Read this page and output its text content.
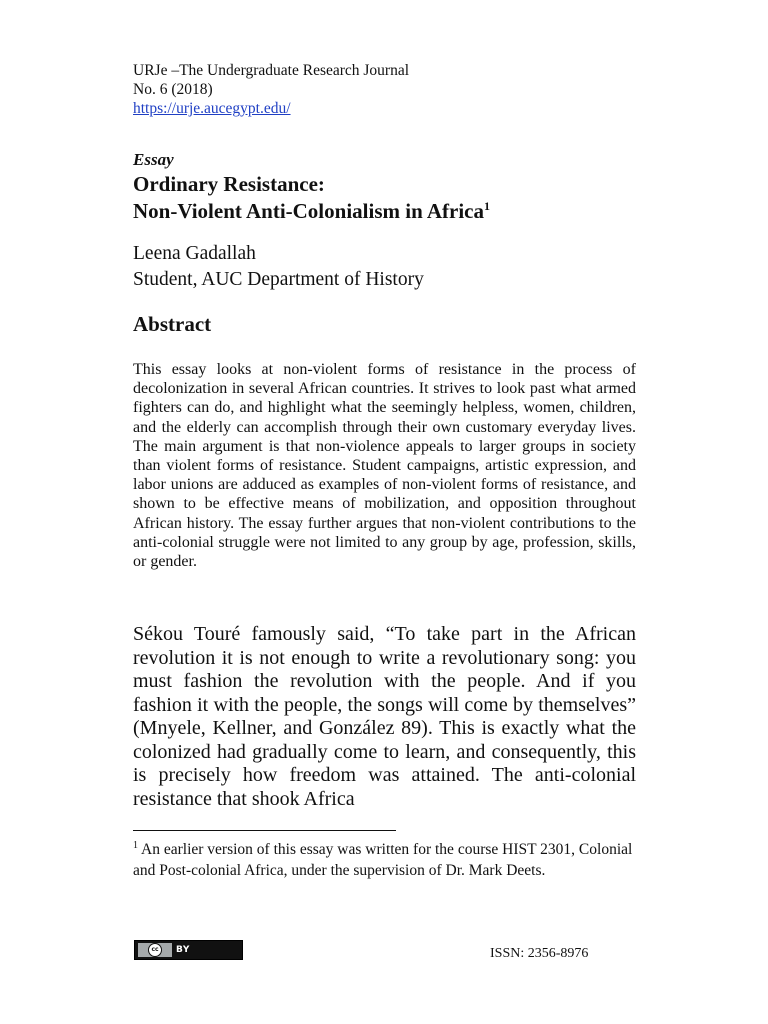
URJe –The Undergraduate Research Journal
No. 6 (2018)
https://urje.aucegypt.edu/
Essay
Ordinary Resistance:
Non-Violent Anti-Colonialism in Africa$^1$
Leena Gadallah
Student, AUC Department of History
Abstract
This essay looks at non-violent forms of resistance in the process of decolonization in several African countries. It strives to look past what armed fighters can do, and highlight what the seemingly helpless, women, children, and the elderly can accomplish through their own customary everyday lives. The main argument is that non-violence appeals to larger groups in society than violent forms of resistance. Student campaigns, artistic expression, and labor unions are adduced as examples of non-violent forms of resistance, and shown to be effective means of mobilization, and opposition throughout African history. The essay further argues that non-violent contributions to the anti-colonial struggle were not limited to any group by age, profession, skills, or gender.
Sékou Touré famously said, “To take part in the African revolution it is not enough to write a revolutionary song: you must fashion the revolution with the people. And if you fashion it with the people, the songs will come by themselves” (Mnyele, Kellner, and González 89). This is exactly what the colonized had gradually come to learn, and consequently, this is precisely how freedom was attained. The anti-colonial resistance that shook Africa
$^1$ An earlier version of this essay was written for the course HIST 2301, Colonial and Post-colonial Africa, under the supervision of Dr. Mark Deets.
cc	BY	ISSN: 2356-8976
